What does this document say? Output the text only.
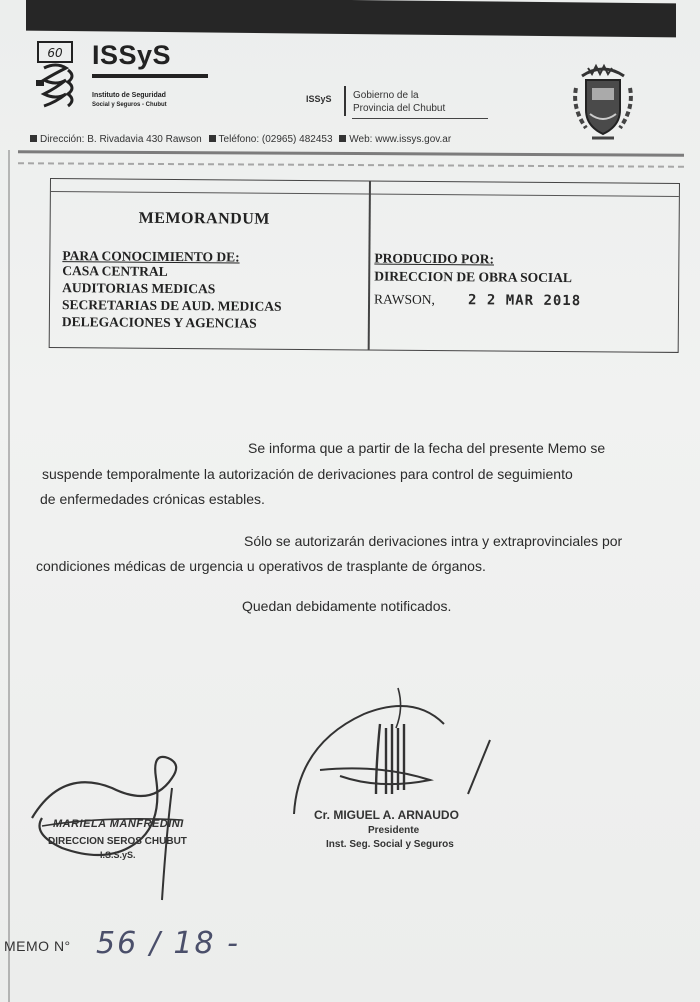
60 ISSyS
Instituto de Seguridad
Social y Seguros - Chubut
ISSyS Gobierno de la
Provincia del Chubut
Dirección: B. Rivadavia 430 Rawson Teléfono: (02965) 482453 Web: www.issys.gov.ar
MEMORANDUM
PARA CONOCIMIENTO DE:
CASA CENTRAL
AUDITORIAS MEDICAS
SECRETARIAS DE AUD. MEDICAS
DELEGACIONES Y AGENCIAS
PRODUCIDO POR:
DIRECCION DE OBRA SOCIAL
RAWSON, 2 2 MAR 2018
Se informa que a partir de la fecha del presente Memo se
suspende temporalmente la autorización de derivaciones para control de seguimiento
de enfermedades crónicas estables.
Sólo se autorizarán derivaciones intra y extraprovinciales por
condiciones médicas de urgencia u operativos de trasplante de órganos.
Quedan debidamente notificados.
MARIELA MANFREDINI
DIRECCION SEROS CHUBUT
I.S.S.yS.
Cr. MIGUEL A. ARNAUDO
Presidente
Inst. Seg. Social y Seguros
MEMO N° 56 / 18 -
